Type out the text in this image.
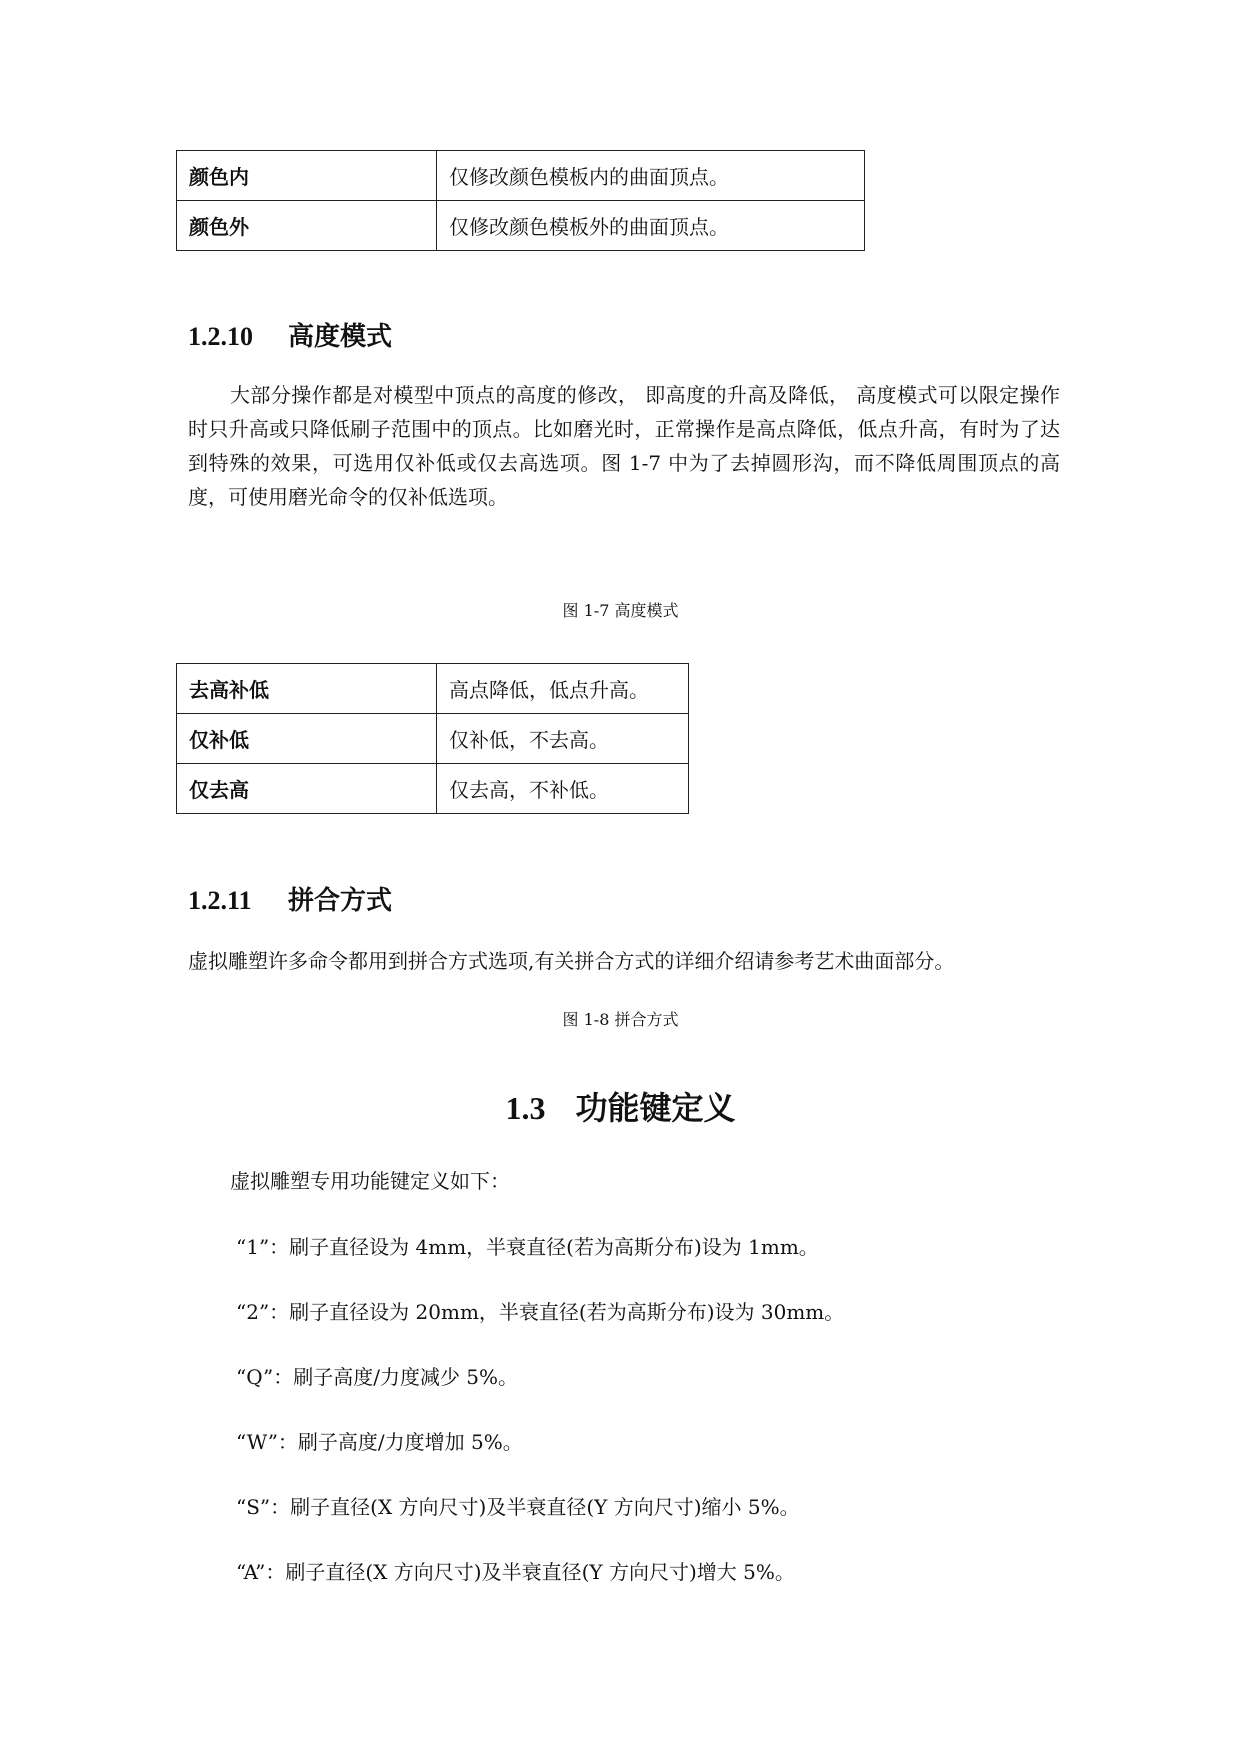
颜色内	仅修改颜色模板内的曲面顶点。
颜色外	仅修改颜色模板外的曲面顶点。
1.2.10 高度模式
大部分操作都是对模型中顶点的高度的修改， 即高度的升高及降低， 高度模式可以限定操作时只升高或只降低刷子范围中的顶点。比如磨光时，正常操作是高点降低，低点升高，有时为了达到特殊的效果，可选用仅补低或仅去高选项。图 1-7 中为了去掉圆形沟，而不降低周围顶点的高度，可使用磨光命令的仅补低选项。
图 1-7 高度模式
去高补低	高点降低，低点升高。
仅补低	仅补低，不去高。
仅去高	仅去高，不补低。
1.2.11 拼合方式
虚拟雕塑许多命令都用到拼合方式选项,有关拼合方式的详细介绍请参考艺术曲面部分。
图 1-8 拼合方式
1.3 功能键定义
虚拟雕塑专用功能键定义如下：
“1”：刷子直径设为 4mm，半衰直径(若为高斯分布)设为 1mm。
“2”：刷子直径设为 20mm，半衰直径(若为高斯分布)设为 30mm。
“Q”：刷子高度/力度减少 5%。
“W”：刷子高度/力度增加 5%。
“S”：刷子直径(X 方向尺寸)及半衰直径(Y 方向尺寸)缩小 5%。
“A”：刷子直径(X 方向尺寸)及半衰直径(Y 方向尺寸)增大 5%。
